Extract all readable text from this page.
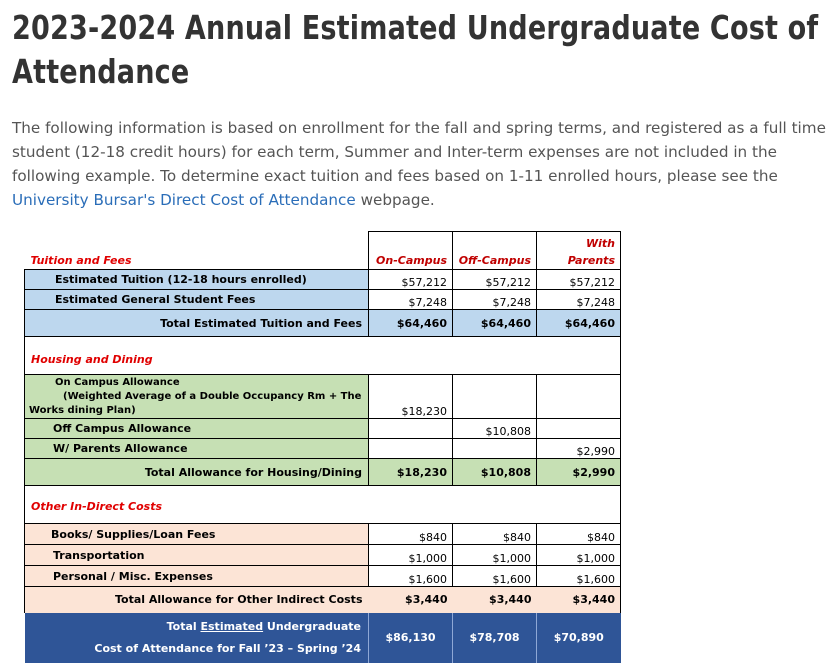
2023-2024 Annual Estimated Undergraduate Cost of Attendance

The following information is based on enrollment for the fall and spring terms, and registered as a full time student (12-18 credit hours) for each term, Summer and Inter-term expenses are not included in the following example. To determine exact tuition and fees based on 1-11 enrolled hours, please see the University Bursar's Direct Cost of Attendance webpage.

Tuition and Fees	On-Campus	Off-Campus	With Parents
Estimated Tuition (12-18 hours enrolled)	$57,212	$57,212	$57,212
Estimated General Student Fees	$7,248	$7,248	$7,248
Total Estimated Tuition and Fees	$64,460	$64,460	$64,460
Housing and Dining			

On Campus Allowance
(Weighted Average of a Double Occupancy Rm + The Works dining Plan)	$18,230		
Off Campus Allowance		$10,808	
W/ Parents Allowance			$2,990
Total Allowance for Housing/Dining	$18,230	$10,808	$2,990
Other In-Direct Costs			
Books/ Supplies/Loan Fees	$840	$840	$840
Transportation	$1,000	$1,000	$1,000
Personal / Misc. Expenses	$1,600	$1,600	$1,600
Total Allowance for Other Indirect Costs	$3,440	$3,440	$3,440

Total Estimated Undergraduate
Cost of Attendance for Fall ’23 – Spring ’24	$86,130	$78,708	$70,890
